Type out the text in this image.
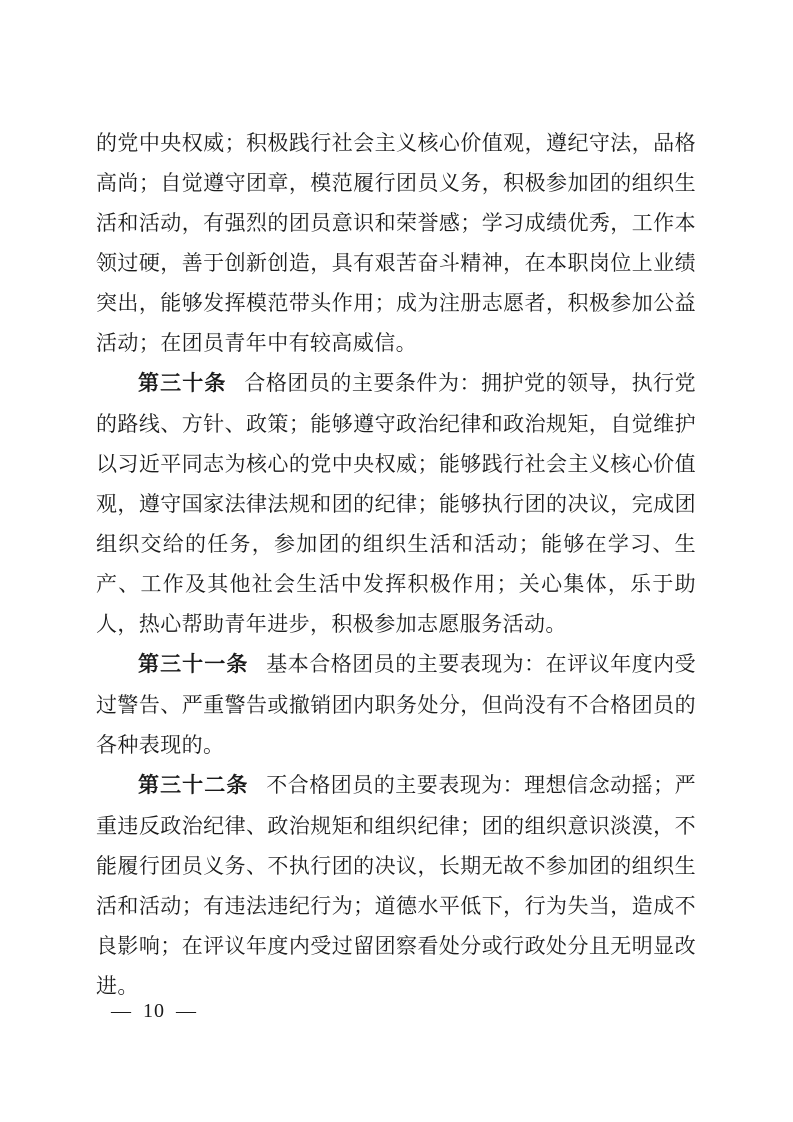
的党中央权威；积极践行社会主义核心价值观，遵纪守法，品格高尚；自觉遵守团章，模范履行团员义务，积极参加团的组织生活和活动，有强烈的团员意识和荣誉感；学习成绩优秀，工作本领过硬，善于创新创造，具有艰苦奋斗精神，在本职岗位上业绩突出，能够发挥模范带头作用；成为注册志愿者，积极参加公益活动；在团员青年中有较高威信。

第三十条 合格团员的主要条件为：拥护党的领导，执行党的路线、方针、政策；能够遵守政治纪律和政治规矩，自觉维护以习近平同志为核心的党中央权威；能够践行社会主义核心价值观，遵守国家法律法规和团的纪律；能够执行团的决议，完成团组织交给的任务，参加团的组织生活和活动；能够在学习、生产、工作及其他社会生活中发挥积极作用；关心集体，乐于助人，热心帮助青年进步，积极参加志愿服务活动。

第三十一条 基本合格团员的主要表现为：在评议年度内受过警告、严重警告或撤销团内职务处分，但尚没有不合格团员的各种表现的。

第三十二条 不合格团员的主要表现为：理想信念动摇；严重违反政治纪律、政治规矩和组织纪律；团的组织意识淡漠，不能履行团员义务、不执行团的决议，长期无故不参加团的组织生活和活动；有违法违纪行为；道德水平低下，行为失当，造成不良影响；在评议年度内受过留团察看处分或行政处分且无明显改进。

— 10 —
